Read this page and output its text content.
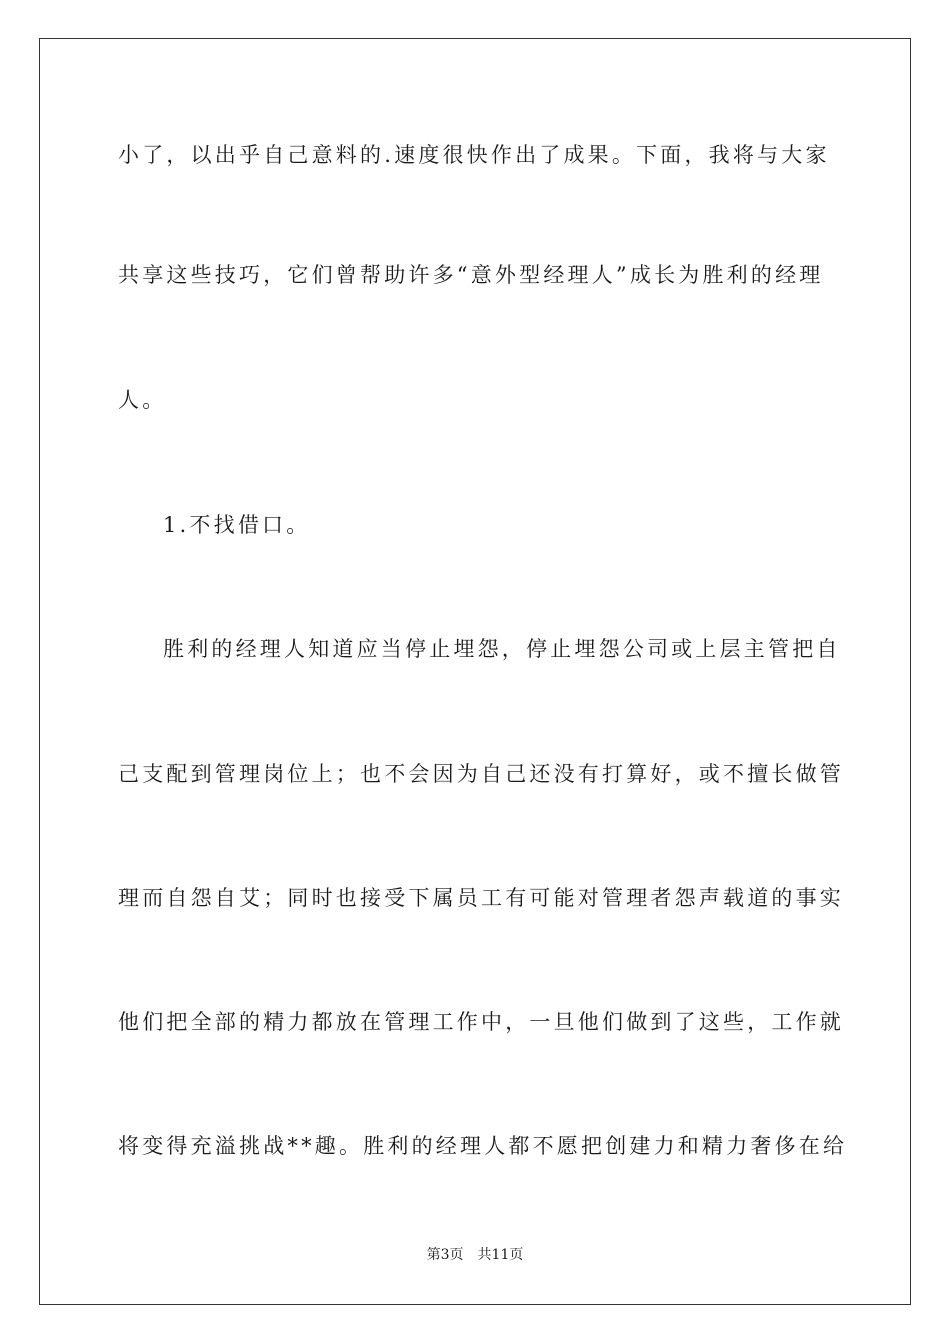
小了，以出乎自己意料的.速度很快作出了成果。下面，我将与大家
共享这些技巧，它们曾帮助许多“意外型经理人”成长为胜利的经理
人。
1.不找借口。
胜利的经理人知道应当停止埋怨，停止埋怨公司或上层主管把自
己支配到管理岗位上；也不会因为自己还没有打算好，或不擅长做管
理而自怨自艾；同时也接受下属员工有可能对管理者怨声载道的事实
他们把全部的精力都放在管理工作中，一旦他们做到了这些，工作就
将变得充溢挑战**趣。胜利的经理人都不愿把创建力和精力奢侈在给
第3页 共11页
